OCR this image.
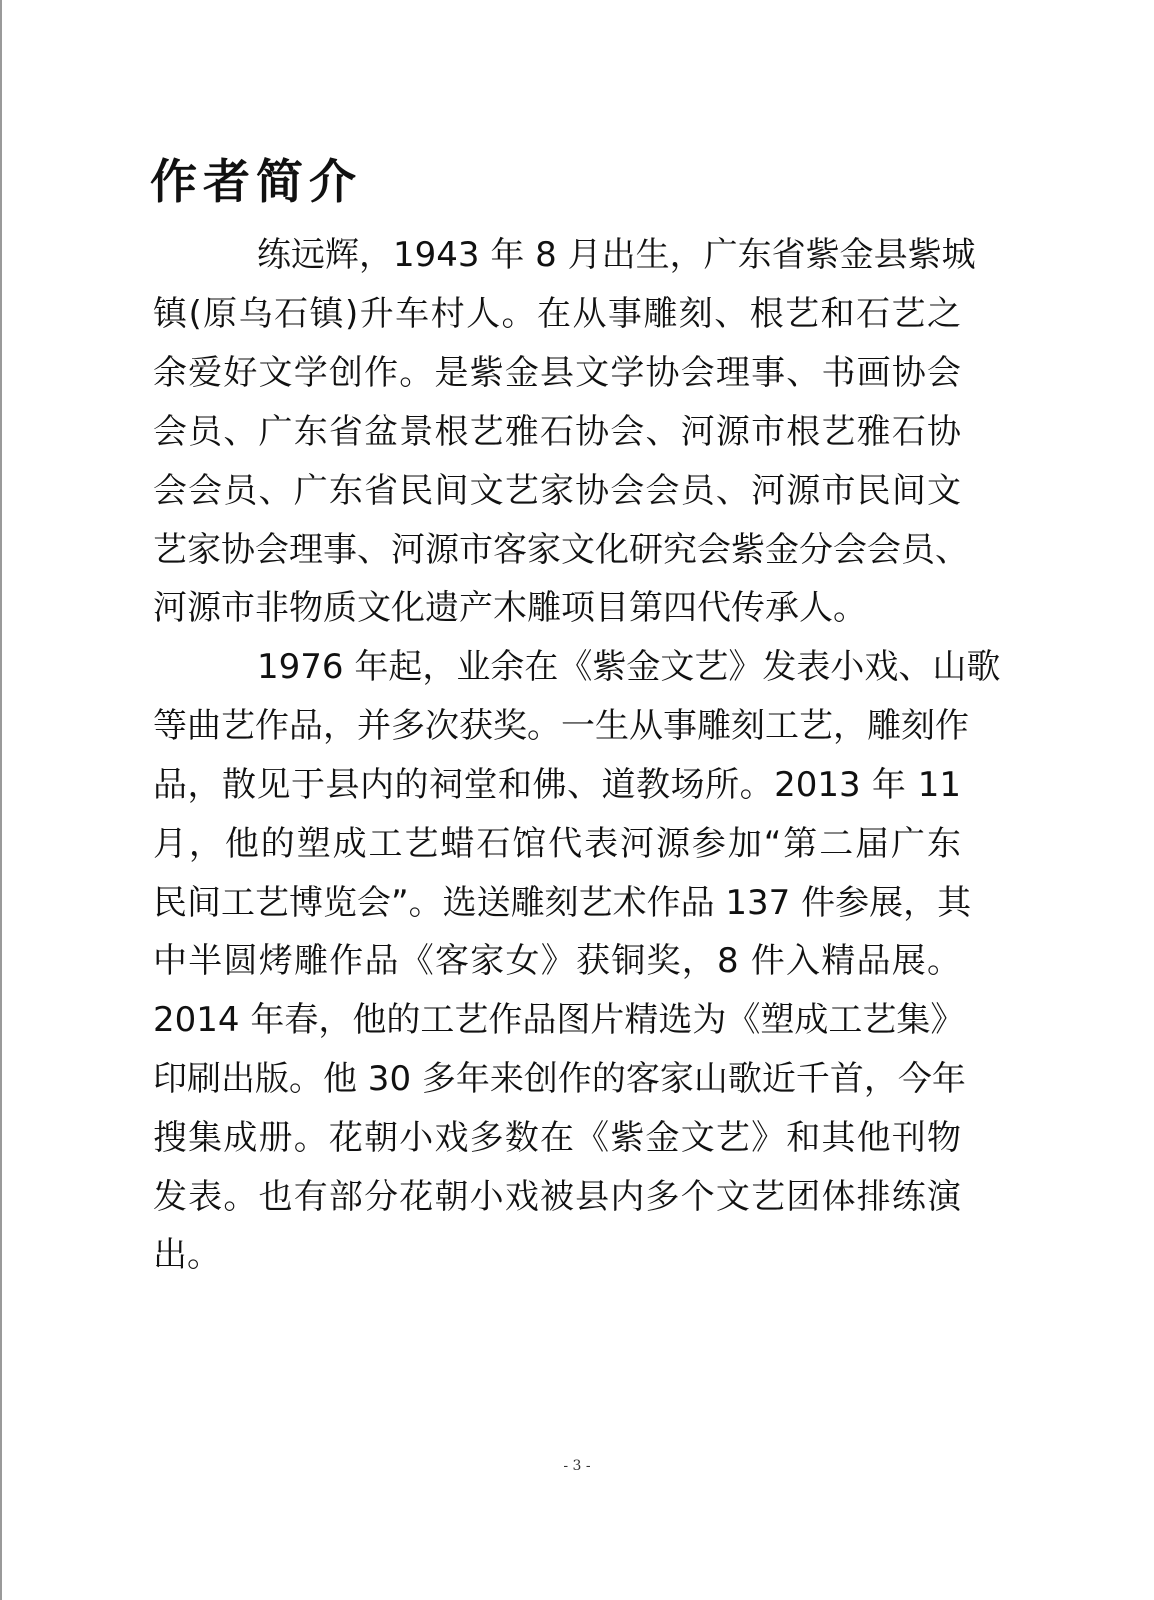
作者简介
练远辉，1943 年 8 月出生，广东省紫金县紫城
镇(原乌石镇)升车村人。在从事雕刻、根艺和石艺之
余爱好文学创作。是紫金县文学协会理事、书画协会
会员、广东省盆景根艺雅石协会、河源市根艺雅石协
会会员、广东省民间文艺家协会会员、河源市民间文
艺家协会理事、河源市客家文化研究会紫金分会会员、
河源市非物质文化遗产木雕项目第四代传承人。
1976 年起，业余在《紫金文艺》发表小戏、山歌
等曲艺作品，并多次获奖。一生从事雕刻工艺，雕刻作
品，散见于县内的祠堂和佛、道教场所。2013 年 11
月，他的塑成工艺蜡石馆代表河源参加“第二届广东
民间工艺博览会”。选送雕刻艺术作品 137 件参展，其
中半圆烤雕作品《客家女》获铜奖，8 件入精品展。
2014 年春，他的工艺作品图片精选为《塑成工艺集》
印刷出版。他 30 多年来创作的客家山歌近千首，今年
搜集成册。花朝小戏多数在《紫金文艺》和其他刊物
发表。也有部分花朝小戏被县内多个文艺团体排练演
出。
- 3 -
